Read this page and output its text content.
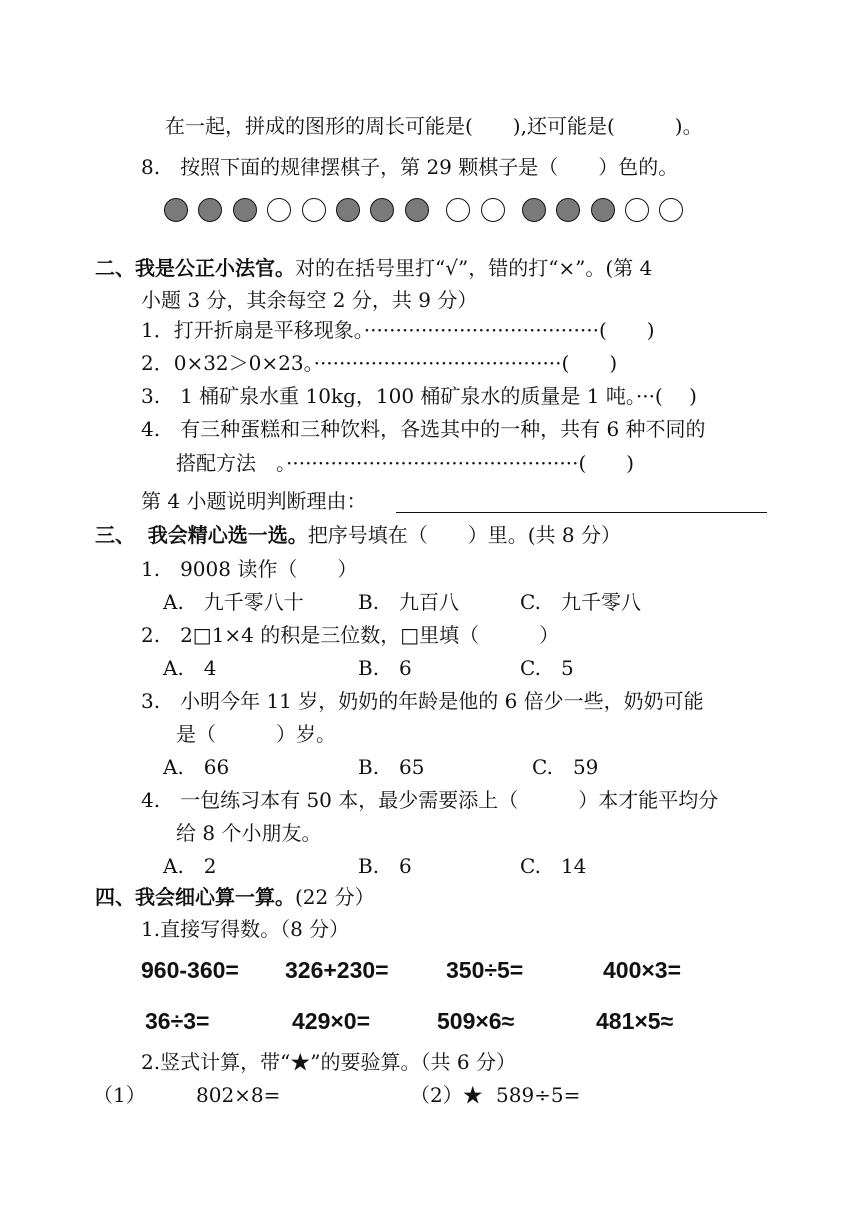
在一起，拼成的图形的周长可能是(　　),还可能是(　　　)。
8.　按照下面的规律摆棋子，第 29 颗棋子是（　　）色的。
二、我是公正小法官。对的在括号里打“√”，错的打“×”。(第 4
小题 3 分，其余每空 2 分，共 9 分）
1．打开折扇是平移现象。·····································(　　)
2．0×32＞0×23。·······································(　　)
3.　1 桶矿泉水重 10kg，100 桶矿泉水的质量是 1 吨。···(　 )
4.　有三种蛋糕和三种饮料，各选其中的一种，共有 6 种不同的
搭配方法　。··············································(　　)
第 4 小题说明判断理由：
三、 我会精心选一选。把序号填在（　　）里。(共 8 分）
1.　9008 读作（　　）
A.　九千零八十	B.　九百八	C.　九千零八
2.　2□1×4 的积是三位数，□里填（　　　）
A.　4	B.　6	C.　5
3.　小明今年 11 岁，奶奶的年龄是他的 6 倍少一些，奶奶可能
是（　　　）岁。
A.　66	B.　65	C.　59
4.　一包练习本有 50 本，最少需要添上（　　　）本才能平均分
给 8 个小朋友。
A.　2	B.　6	C.　14
四、我会细心算一算。(22 分）
1.直接写得数。（8 分）
960-360= 326+230= 350÷5=	400×3=
36÷3=	429×0=	509×6≈	481×5≈
2.竖式计算，带“★”的要验算。（共 6 分）
（1）	802×8=	（2）★ 589÷5=
